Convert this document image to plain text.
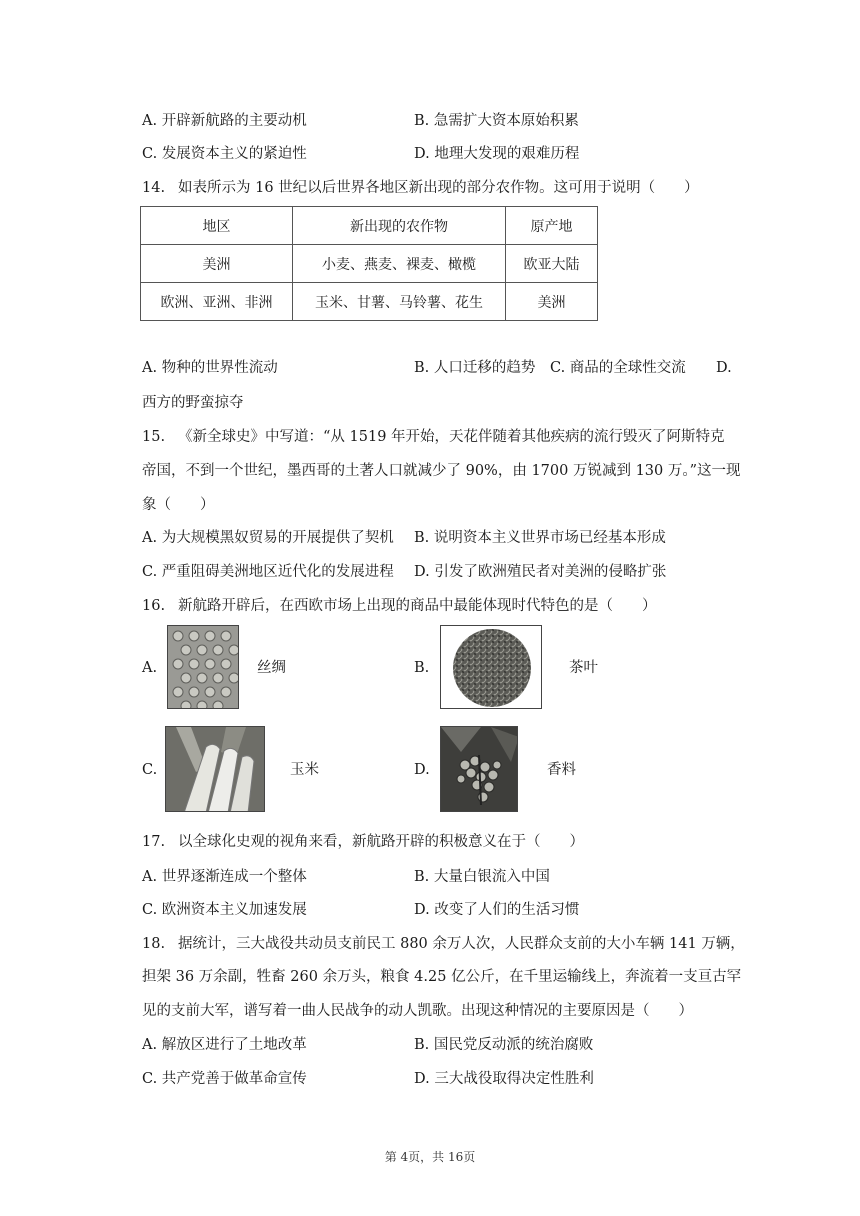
A. 开辟新航路的主要动机	B. 急需扩大资本原始积累
C. 发展资本主义的紧迫性	D. 地理大发现的艰难历程
14. 如表所示为 16 世纪以后世界各地区新出现的部分农作物。这可用于说明（　　）
地区	新出现的农作物	原产地
美洲	小麦、燕麦、裸麦、橄榄	欧亚大陆
欧洲、亚洲、非洲	玉米、甘薯、马铃薯、花生	美洲
A. 物种的世界性流动	B. 人口迁移的趋势 C. 商品的全球性交流 D.
西方的野蛮掠夺
15. 《新全球史》中写道：“从 1519 年开始，天花伴随着其他疾病的流行毁灭了阿斯特克
帝国，不到一个世纪，墨西哥的土著人口就减少了 90%，由 1700 万锐减到 130 万。”这一现
象（　　）
A. 为大规模黑奴贸易的开展提供了契机 B. 说明资本主义世界市场已经基本形成
C. 严重阻碍美洲地区近代化的发展进程 D. 引发了欧洲殖民者对美洲的侵略扩张
16. 新航路开辟后，在西欧市场上出现的商品中最能体现时代特色的是（　　）
A.	丝绸	B.	茶叶
C.	玉米	D.	香料
17. 以全球化史观的视角来看，新航路开辟的积极意义在于（　　）
A. 世界逐渐连成一个整体	B. 大量白银流入中国
C. 欧洲资本主义加速发展	D. 改变了人们的生活习惯
18. 据统计，三大战役共动员支前民工 880 余万人次，人民群众支前的大小车辆 141 万辆，
担架 36 万余副，牲畜 260 余万头，粮食 4.25 亿公斤，在千里运输线上，奔流着一支亘古罕
见的支前大军，谱写着一曲人民战争的动人凯歌。出现这种情况的主要原因是（　　）
A. 解放区进行了土地改革	B. 国民党反动派的统治腐败
C. 共产党善于做革命宣传	D. 三大战役取得决定性胜利
第 4页，共 16页
